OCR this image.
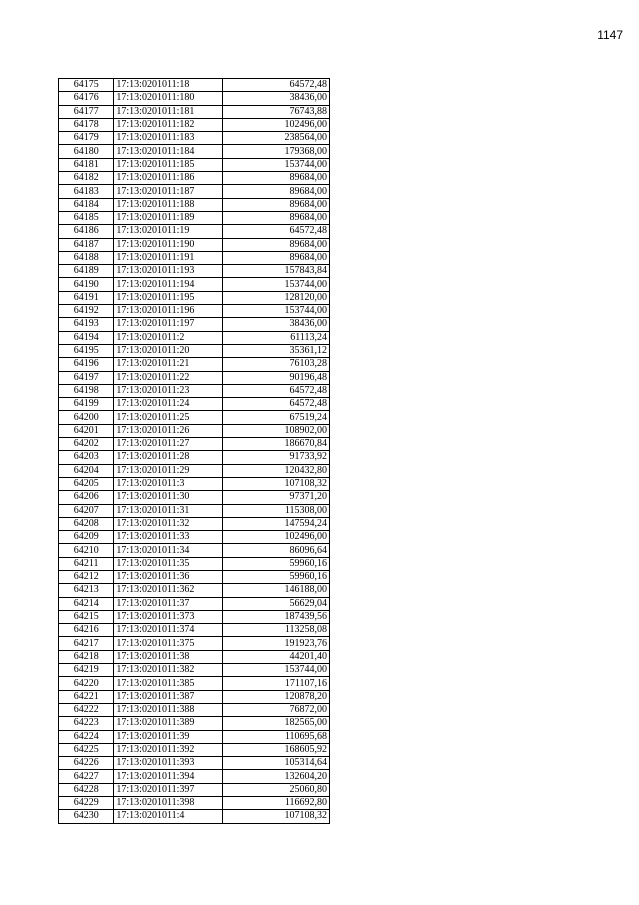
1147
64175	17:13:0201011:18	64572,48
64176	17:13:0201011:180	38436,00
64177	17:13:0201011:181	76743,88
64178	17:13:0201011:182	102496,00
64179	17:13:0201011:183	238564,00
64180	17:13:0201011:184	179368,00
64181	17:13:0201011:185	153744,00
64182	17:13:0201011:186	89684,00
64183	17:13:0201011:187	89684,00
64184	17:13:0201011:188	89684,00
64185	17:13:0201011:189	89684,00
64186	17:13:0201011:19	64572,48
64187	17:13:0201011:190	89684,00
64188	17:13:0201011:191	89684,00
64189	17:13:0201011:193	157843,84
64190	17:13:0201011:194	153744,00
64191	17:13:0201011:195	128120,00
64192	17:13:0201011:196	153744,00
64193	17:13:0201011:197	38436,00
64194	17:13:0201011:2	61113,24
64195	17:13:0201011:20	35361,12
64196	17:13:0201011:21	76103,28
64197	17:13:0201011:22	90196,48
64198	17:13:0201011:23	64572,48
64199	17:13:0201011:24	64572,48
64200	17:13:0201011:25	67519,24
64201	17:13:0201011:26	108902,00
64202	17:13:0201011:27	186670,84
64203	17:13:0201011:28	91733,92
64204	17:13:0201011:29	120432,80
64205	17:13:0201011:3	107108,32
64206	17:13:0201011:30	97371,20
64207	17:13:0201011:31	115308,00
64208	17:13:0201011:32	147594,24
64209	17:13:0201011:33	102496,00
64210	17:13:0201011:34	86096,64
64211	17:13:0201011:35	59960,16
64212	17:13:0201011:36	59960,16
64213	17:13:0201011:362	146188,00
64214	17:13:0201011:37	56629,04
64215	17:13:0201011:373	187439,56
64216	17:13:0201011:374	113258,08
64217	17:13:0201011:375	191923,76
64218	17:13:0201011:38	44201,40
64219	17:13:0201011:382	153744,00
64220	17:13:0201011:385	171107,16
64221	17:13:0201011:387	120878,20
64222	17:13:0201011:388	76872,00
64223	17:13:0201011:389	182565,00
64224	17:13:0201011:39	110695,68
64225	17:13:0201011:392	168605,92
64226	17:13:0201011:393	105314,64
64227	17:13:0201011:394	132604,20
64228	17:13:0201011:397	25060,80
64229	17:13:0201011:398	116692,80
64230	17:13:0201011:4	107108,32
